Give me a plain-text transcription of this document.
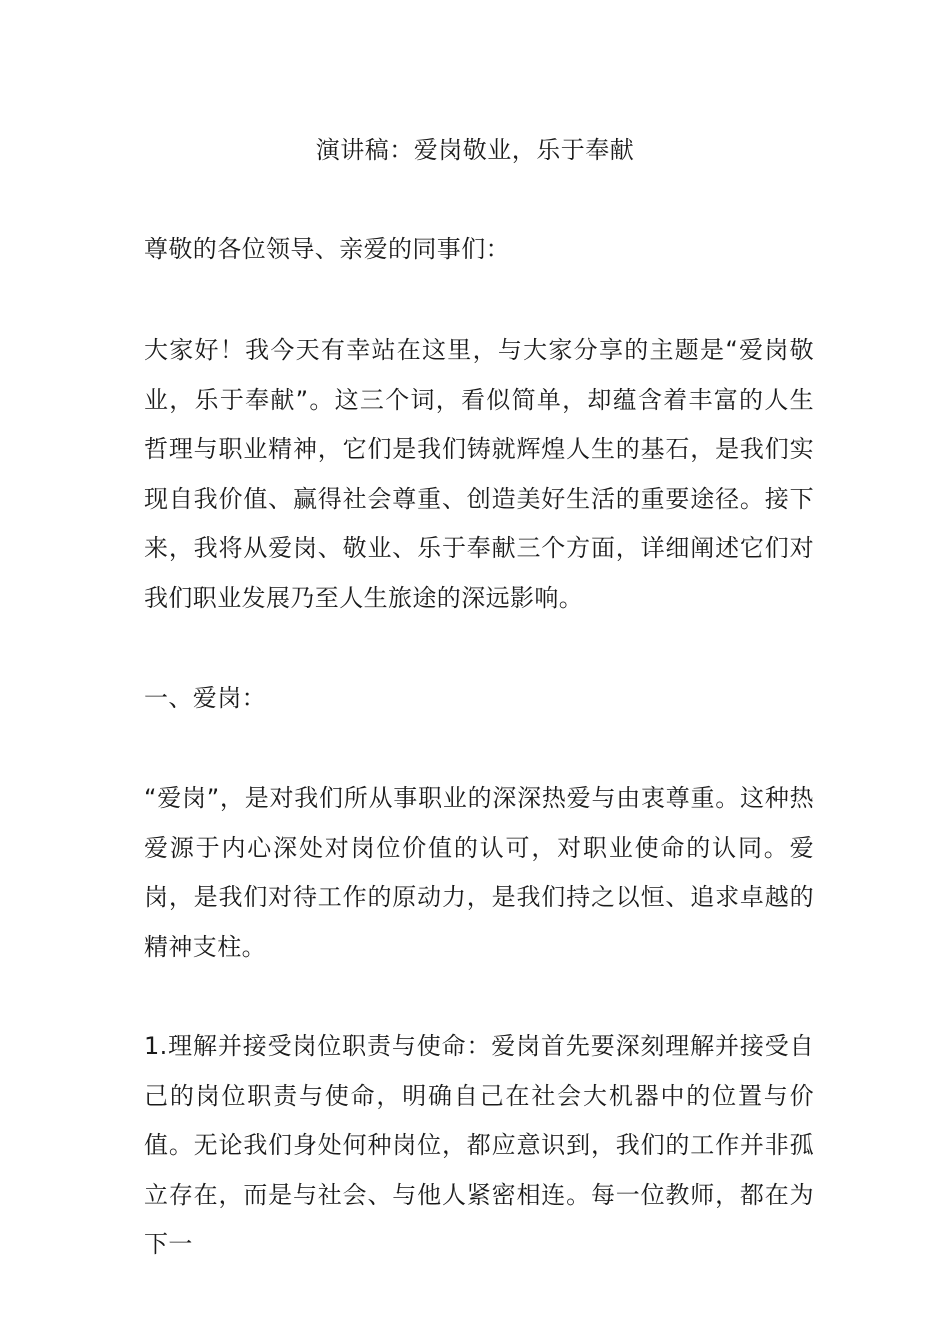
演讲稿：爱岗敬业，乐于奉献

尊敬的各位领导、亲爱的同事们：

大家好！我今天有幸站在这里，与大家分享的主题是“爱岗敬业，乐于奉献”。这三个词，看似简单，却蕴含着丰富的人生哲理与职业精神，它们是我们铸就辉煌人生的基石，是我们实现自我价值、赢得社会尊重、创造美好生活的重要途径。接下来，我将从爱岗、敬业、乐于奉献三个方面，详细阐述它们对我们职业发展乃至人生旅途的深远影响。

一、爱岗：

“爱岗”，是对我们所从事职业的深深热爱与由衷尊重。这种热爱源于内心深处对岗位价值的认可，对职业使命的认同。爱岗，是我们对待工作的原动力，是我们持之以恒、追求卓越的精神支柱。

1.理解并接受岗位职责与使命：爱岗首先要深刻理解并接受自己的岗位职责与使命，明确自己在社会大机器中的位置与价值。无论我们身处何种岗位，都应意识到，我们的工作并非孤立存在，而是与社会、与他人紧密相连。每一位教师，都在为下一
